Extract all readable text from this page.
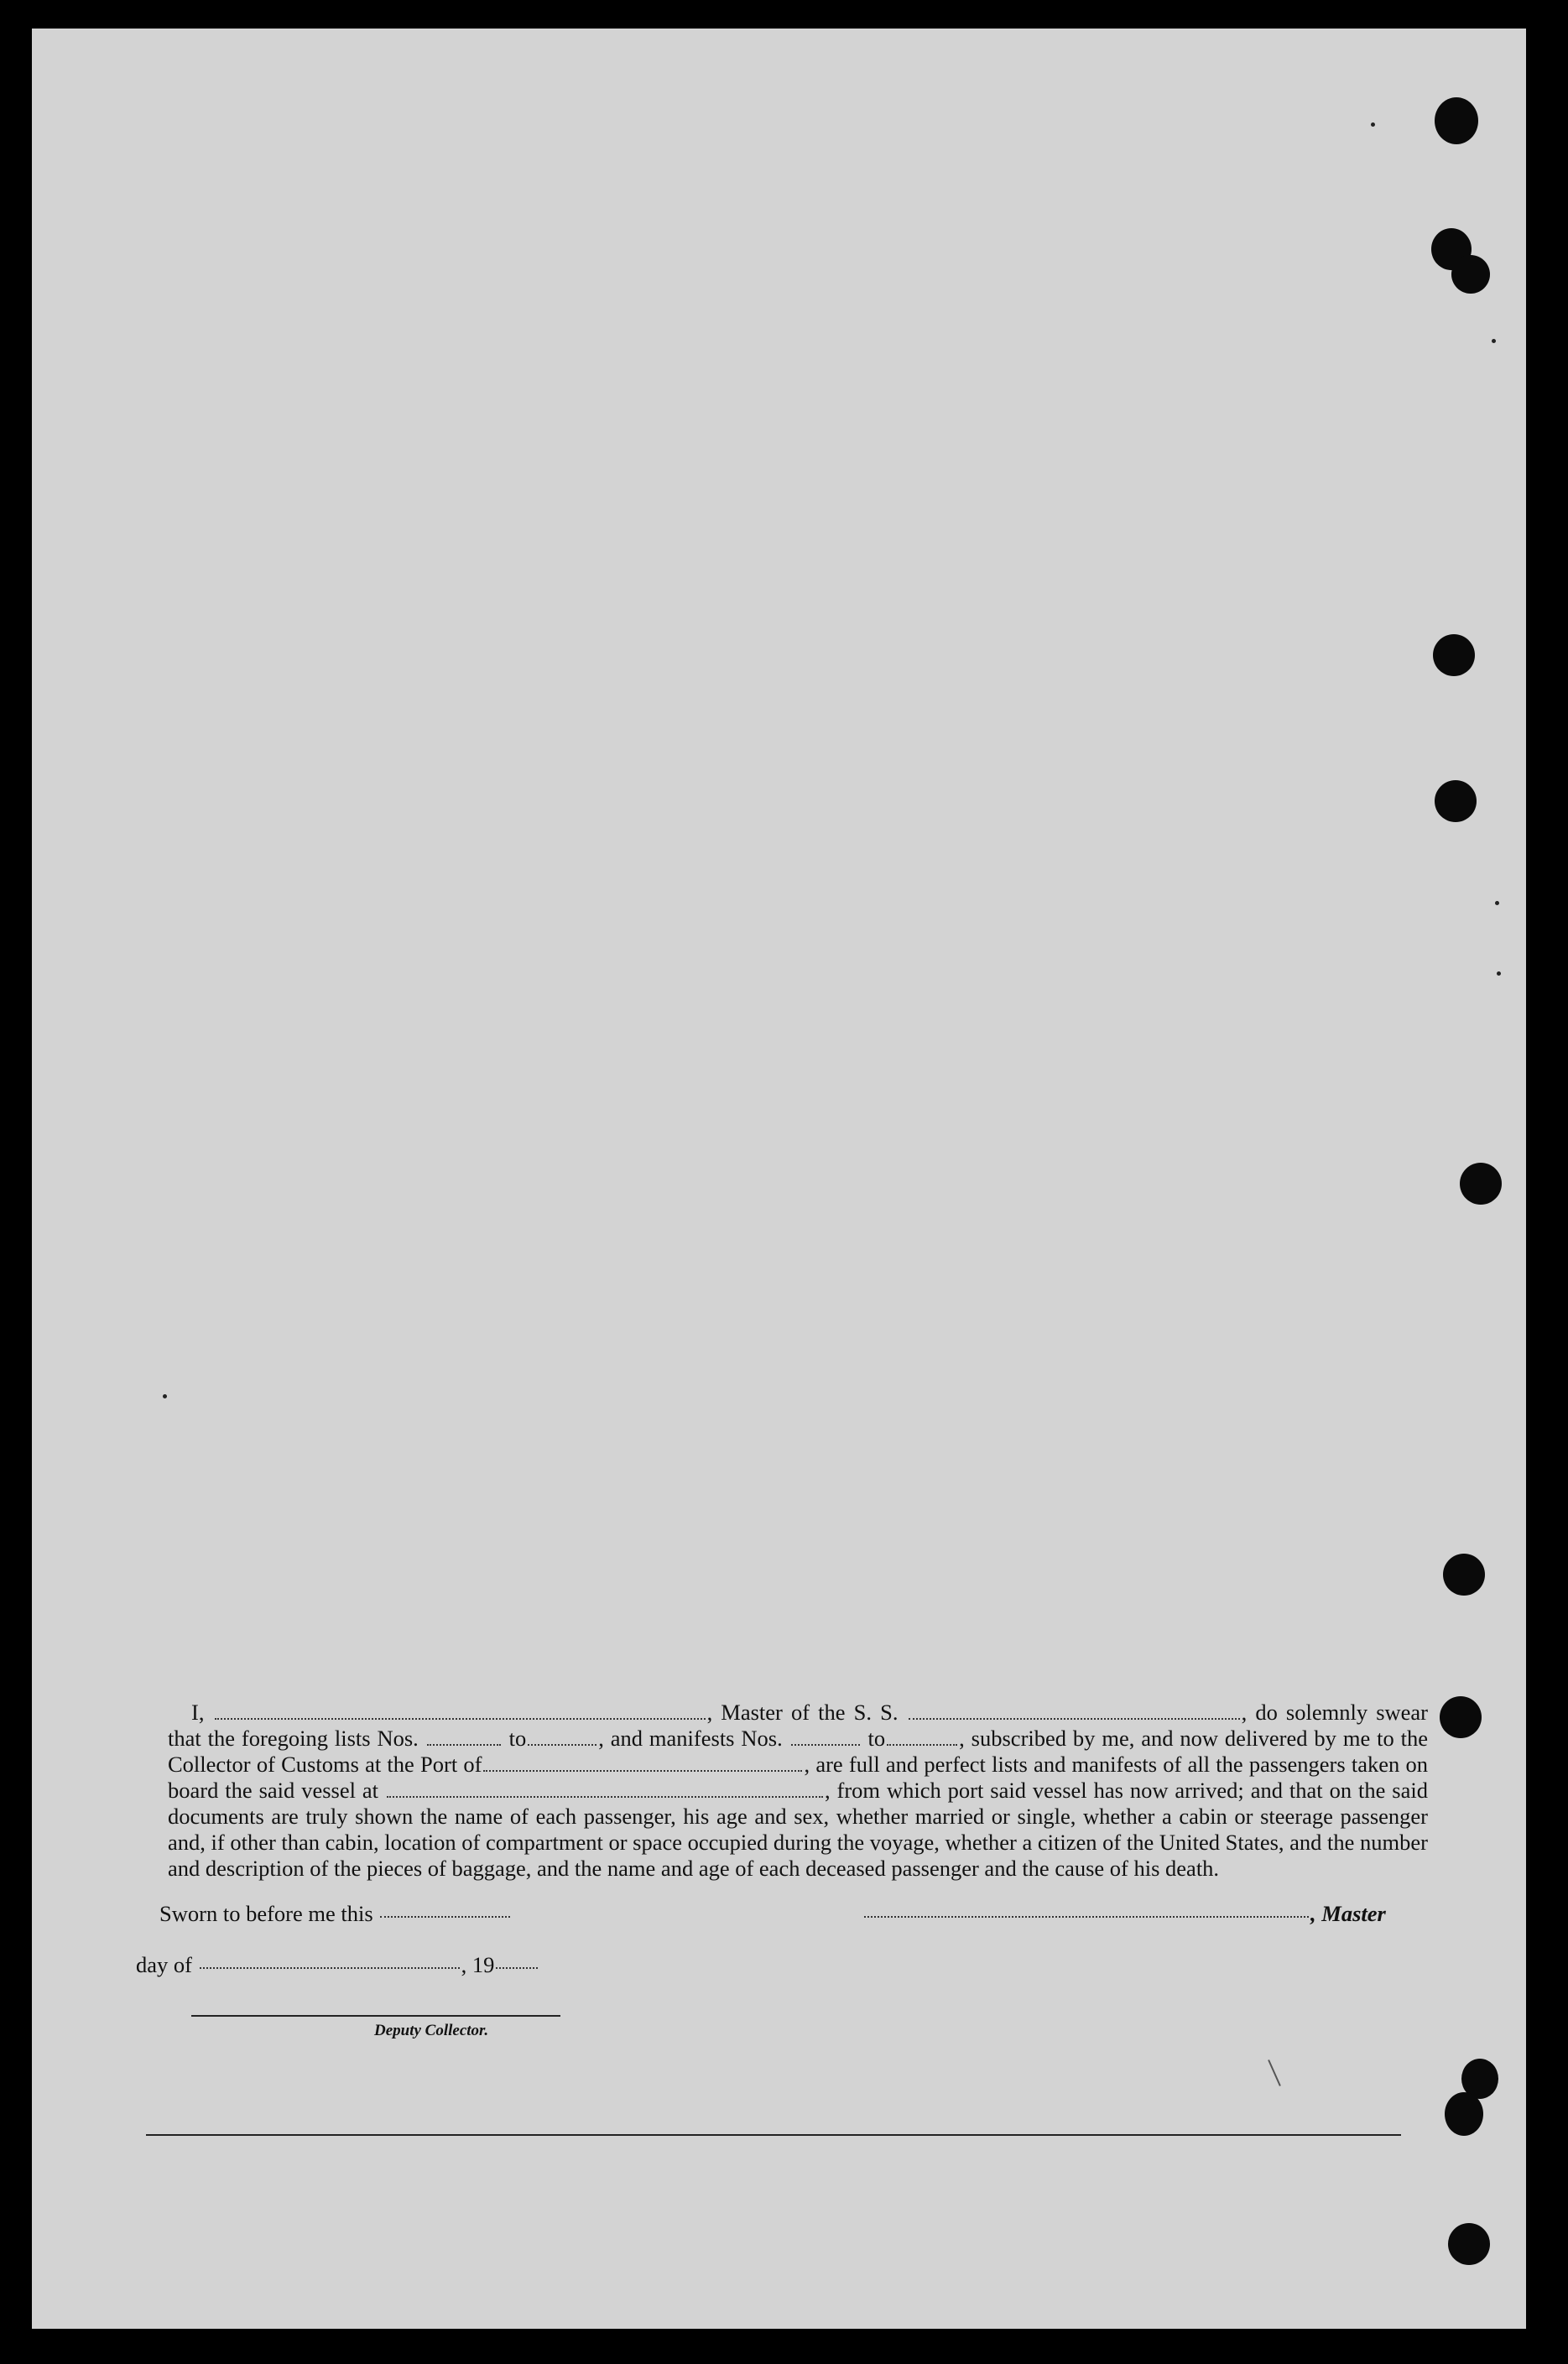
I,	, Master of the S. S.	, do solemnly swear that the foregoing lists Nos.	to	, and manifests Nos.	to	, subscribed by me, and now delivered by me to the Collector of Customs at the Port of	, are full and perfect lists and manifests of all the passengers taken on board the said vessel at	, from which port said vessel has now arrived; and that on the said documents are truly shown the name of each passenger, his age and sex, whether married or single, whether a cabin or steerage passenger and, if other than cabin, location of compartment or space occupied during the voyage, whether a citizen of the United States, and the number and description of the pieces of baggage, and the name and age of each deceased passenger and the cause of his death.

Sworn to before me this	, Master
day of	, 19
Deputy Collector.
